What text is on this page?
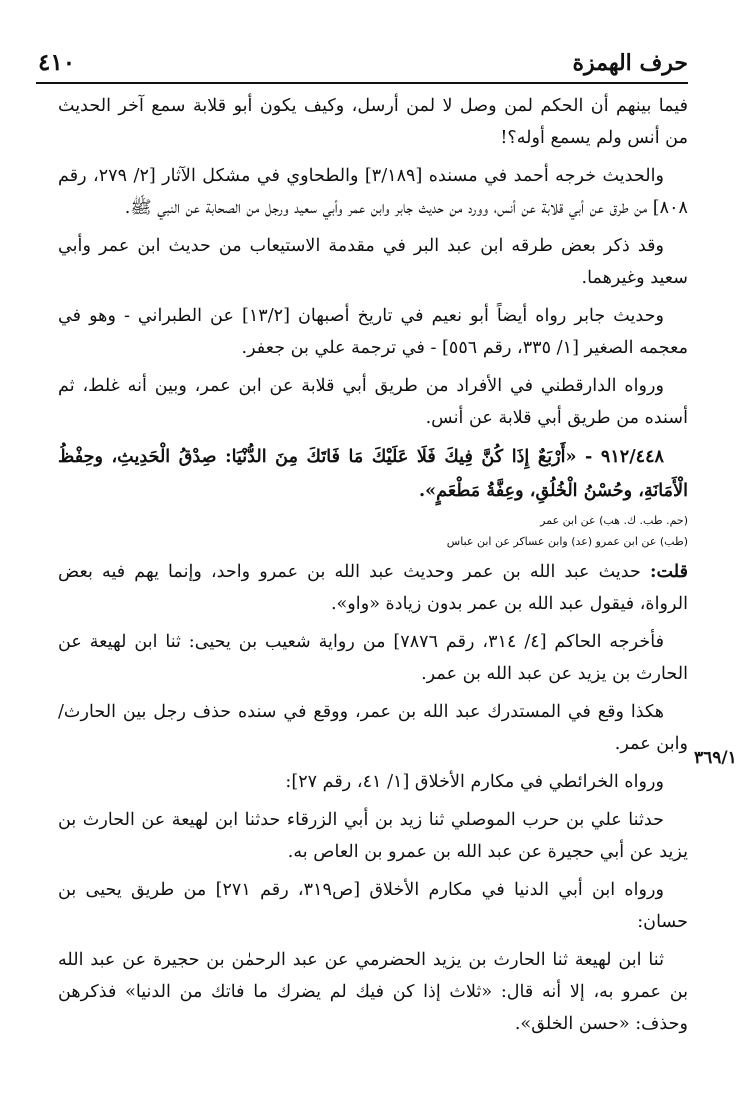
٤١٠	حرف الهمزة

فيما بينهم أن الحكم لمن وصل لا لمن أرسل، وكيف يكون أبو قلابة سمع آخر الحديث من أنس ولم يسمع أوله؟!

والحديث خرجه أحمد في مسنده [٣/١٨٩] والطحاوي في مشكل الآثار [٢/ ٢٧٩، رقم ٨٠٨] من طرق عن أبي قلابة عن أنس، وورد من حديث جابر وابن عمر وأبي سعيد ورجل من الصحابة عن النبي ﷺ.

وقد ذكر بعض طرقه ابن عبد البر في مقدمة الاستيعاب من حديث ابن عمر وأبي سعيد وغيرهما.

وحديث جابر رواه أيضاً أبو نعيم في تاريخ أصبهان [١٣/٢] عن الطبراني - وهو في معجمه الصغير [١/ ٣٣٥، رقم ٥٥٦] - في ترجمة علي بن جعفر.

ورواه الدارقطني في الأفراد من طريق أبي قلابة عن ابن عمر، وبين أنه غلط، ثم أسنده من طريق أبي قلابة عن أنس.

٩١٢/٤٤٨ - «أَرْبَعٌ إِذَا كُنَّ فِيكَ فَلَا عَلَيْكَ مَا فَاتَكَ مِنَ الدُّنْيَا: صِدْقُ الْحَدِيثِ، وحِفْظُ الْأَمَانَةِ، وحُسْنُ الْخُلُقِ، وعِفَّةُ مَطْعَمٍ».

(حم. طب. ك. هب) عن ابن عمر

(طب) عن ابن عمرو (عد) وابن عساكر عن ابن عباس

قلت: حديث عبد الله بن عمر وحديث عبد الله بن عمرو واحد، وإنما يهم فيه بعض الرواة، فيقول عبد الله بن عمر بدون زيادة «واو».

فأخرجه الحاكم [٤/ ٣١٤، رقم ٧٨٧٦] من رواية شعيب بن يحيى: ثنا ابن لهيعة عن الحارث بن يزيد عن عبد الله بن عمر.

هكذا وقع في المستدرك عبد الله بن عمر، ووقع في سنده حذف رجل بين الحارث/ وابن عمر.

ورواه الخرائطي في مكارم الأخلاق [١/ ٤١، رقم ٢٧]:

حدثنا علي بن حرب الموصلي ثنا زيد بن أبي الزرقاء حدثنا ابن لهيعة عن الحارث بن يزيد عن أبي حجيرة عن عبد الله بن عمرو بن العاص به.

ورواه ابن أبي الدنيا في مكارم الأخلاق [ص٣١٩، رقم ٢٧١] من طريق يحيى بن حسان:

ثنا ابن لهيعة ثنا الحارث بن يزيد الحضرمي عن عبد الرحمٰن بن حجيرة عن عبد الله بن عمرو به، إلا أنه قال: «ثلاث إذا كن فيك لم يضرك ما فاتك من الدنيا» فذكرهن وحذف: «حسن الخلق».

٣٦٩/١
